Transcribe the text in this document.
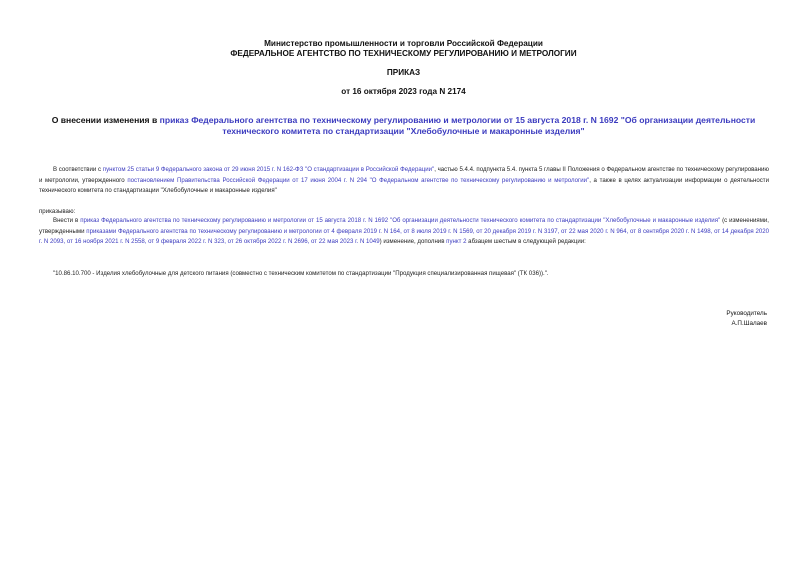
Министерство промышленности и торговли Российской Федерации
ФЕДЕРАЛЬНОЕ АГЕНТСТВО ПО ТЕХНИЧЕСКОМУ РЕГУЛИРОВАНИЮ И МЕТРОЛОГИИ
ПРИКАЗ
от 16 октября 2023 года N 2174
О внесении изменения в приказ Федерального агентства по техническому регулированию и метрологии от 15 августа 2018 г. N 1692 "Об организации деятельности технического комитета по стандартизации "Хлебобулочные и макаронные изделия"
В соответствии с пунктом 25 статьи 9 Федерального закона от 29 июня 2015 г. N 162-ФЗ "О стандартизации в Российской Федерации", частью 5.4.4. подпункта 5.4. пункта 5 главы II Положения о Федеральном агентстве по техническому регулированию и метрологии, утвержденного постановлением Правительства Российской Федерации от 17 июня 2004 г. N 294 "О Федеральном агентстве по техническому регулированию и метрологии", а также в целях актуализации информации о деятельности технического комитета по стандартизации "Хлебобулочные и макаронные изделия"
приказываю:
Внести в приказ Федерального агентства по техническому регулированию и метрологии от 15 августа 2018 г. N 1692 "Об организации деятельности технического комитета по стандартизации "Хлебобулочные и макаронные изделия" (с изменениями, утвержденными приказами Федерального агентства по техническому регулированию и метрологии от 4 февраля 2019 г. N 164, от 8 июля 2019 г. N 1569, от 20 декабря 2019 г. N 3197, от 22 мая 2020 г. N 964, от 8 сентября 2020 г. N 1498, от 14 декабря 2020 г. N 2093, от 16 ноября 2021 г. N 2558, от 9 февраля 2022 г. N 323, от 26 октября 2022 г. N 2696, от 22 мая 2023 г. N 1049) изменение, дополнив пункт 2 абзацем шестым в следующей редакции:
"10.86.10.700 - Изделия хлебобулочные для детского питания (совместно с техническим комитетом по стандартизации "Продукция специализированная пищевая" (ТК 036)).".
Руководитель
А.П.Шалаев
